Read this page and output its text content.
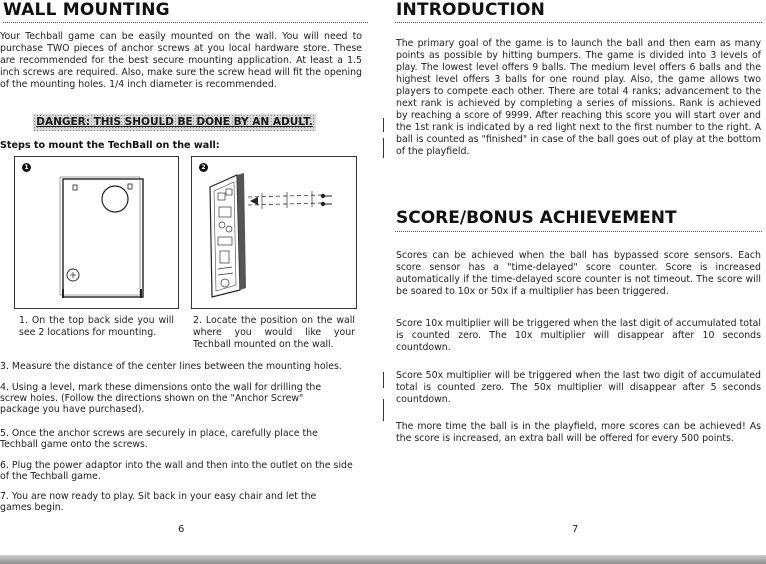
WALL MOUNTING

Your Techball game can be easily mounted on the wall. You will need to purchase TWO pieces of anchor screws at you local hardware store. These are recommended for the best secure mounting application. At least a 1.5 inch screws are required. Also, make sure the screw head will fit the opening of the mounting holes. 1/4 inch diameter is recommended.

DANGER: THIS SHOULD BE DONE BY AN ADULT.

Steps to mount the TechBall on the wall:

1	2

1. On the top back side you will see 2 locations for mounting.

2. Locate the position on the wall where you would like your Techball mounted on the wall.

3. Measure the distance of the center lines between the mounting holes.

4. Using a level, mark these dimensions onto the wall for drilling the screw holes. (Follow the directions shown on the "Anchor Screw" package you have purchased).

5. Once the anchor screws are securely in place, carefully place the Techball game onto the screws.

6. Plug the power adaptor into the wall and then into the outlet on the side of the Techball game.

7. You are now ready to play. Sit back in your easy chair and let the games begin.

6
INTRODUCTION

The primary goal of the game is to launch the ball and then earn as many points as possible by hitting bumpers. The game is divided into 3 levels of play. The lowest level offers 9 balls. The medium level offers 6 balls and the highest level offers 3 balls for one round play. Also, the game allows two players to compete each other. There are total 4 ranks; advancement to the next rank is achieved by completing a series of missions. Rank is achieved by reaching a score of 9999. After reaching this score you will start over and the 1st rank is indicated by a red light next to the first number to the right. A ball is counted as "finished" in case of the ball goes out of play at the bottom of the playfield.

SCORE/BONUS ACHIEVEMENT

Scores can be achieved when the ball has bypassed score sensors. Each score sensor has a "time-delayed" score counter. Score is increased automatically if the time-delayed score counter is not timeout. The score will be soared to 10x or 50x if a multiplier has been triggered.

Score 10x multiplier will be triggered when the last digit of accumulated total is counted zero. The 10x multiplier will disappear after 10 seconds countdown.

Score 50x multiplier will be triggered when the last two digit of accumulated total is counted zero. The 50x multiplier will disappear after 5 seconds countdown.

The more time the ball is in the playfield, more scores can be achieved! As the score is increased, an extra ball will be offered for every 500 points.

7
